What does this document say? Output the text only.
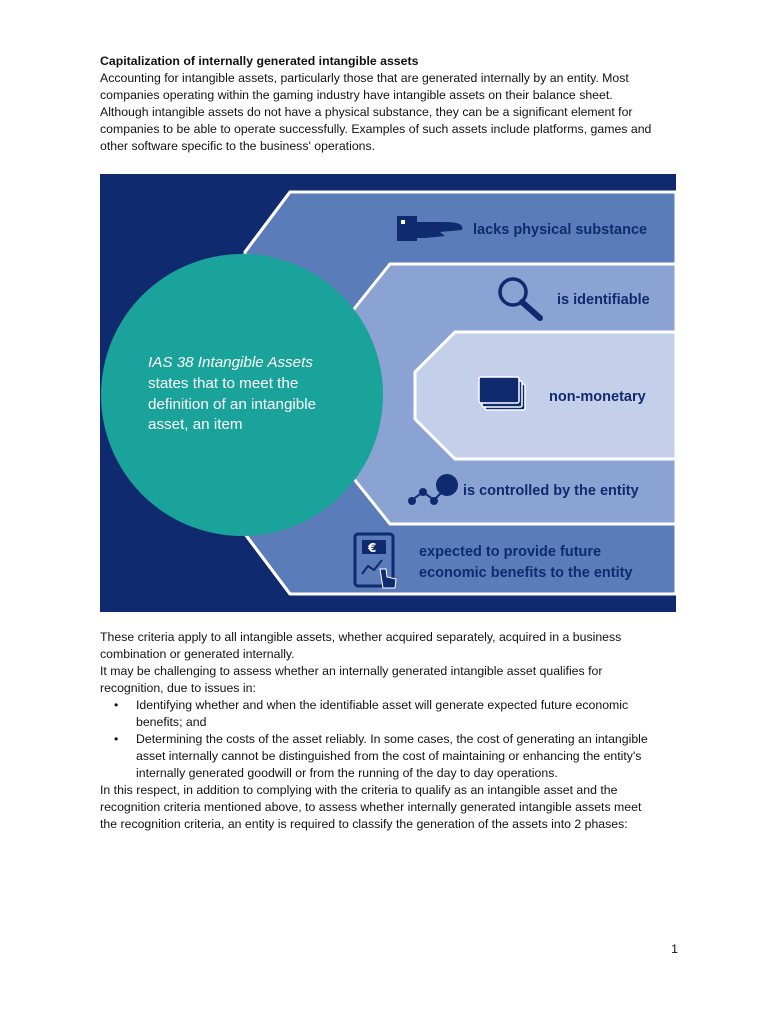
Capitalization of internally generated intangible assets
Accounting for intangible assets, particularly those that are generated internally by an entity. Most
companies operating within the gaming industry have intangible assets on their balance sheet.
Although intangible assets do not have a physical substance, they can be a significant element for
companies to be able to operate successfully. Examples of such assets include platforms, games and
other software specific to the business' operations.
IAS 38 Intangible Assets
states that to meet the
definition of an intangible
asset, an item
lacks physical substance
is identifiable
non-monetary
is controlled by the entity
€	expected to provide future
economic benefits to the entity
These criteria apply to all intangible assets, whether acquired separately, acquired in a business
combination or generated internally.
It may be challenging to assess whether an internally generated intangible asset qualifies for
recognition, due to issues in:
• Identifying whether and when the identifiable asset will generate expected future economic
benefits; and
• Determining the costs of the asset reliably. In some cases, the cost of generating an intangible
asset internally cannot be distinguished from the cost of maintaining or enhancing the entity's
internally generated goodwill or from the running of the day to day operations.
In this respect, in addition to complying with the criteria to qualify as an intangible asset and the
recognition criteria mentioned above, to assess whether internally generated intangible assets meet
the recognition criteria, an entity is required to classify the generation of the assets into 2 phases:
1
